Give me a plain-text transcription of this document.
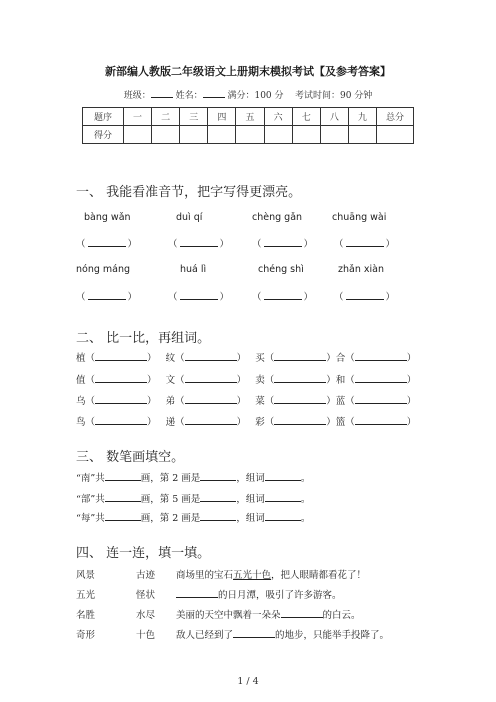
新部编人教版二年级语文上册期末模拟考试【及参考答案】
班级：	姓名：	满分：100 分 考试时间：90 分钟
题序	一	二	三	四	五	六	七	八	九	总分
得分										
一、 我能看准音节，把字写得更漂亮。
bàng wǎn	duì qí	chèng gǎn	chuāng wài
（	）	（	） （	） （	）
nóng máng	huá lì	chéng shì	zhǎn xiàn
（	）	（	） （	） （	）
二、 比一比，再组词。
植（	） 纹（	） 买（	）合（	）
值（	） 文（	） 卖（	）和（	）
乌（	） 弟（	） 菜（	）蓝（	）
鸟（	） 递（	） 彩（	）篮（	）
三、 数笔画填空。
“南”共	画，第 2 画是	，组词	。
“部”共	画，第 5 画是	，组词	。
“每”共	画，第 2 画是	，组词	。
四、 连一连，填一填。
风景	古迹 商场里的宝石五光十色，把人眼睛都看花了！
五光	怪状	的日月潭，吸引了许多游客。
名胜	水尽 美丽的天空中飘着一朵朵	的白云。
奇形	十色 敌人已经到了	的地步，只能举手投降了。
1 / 4
